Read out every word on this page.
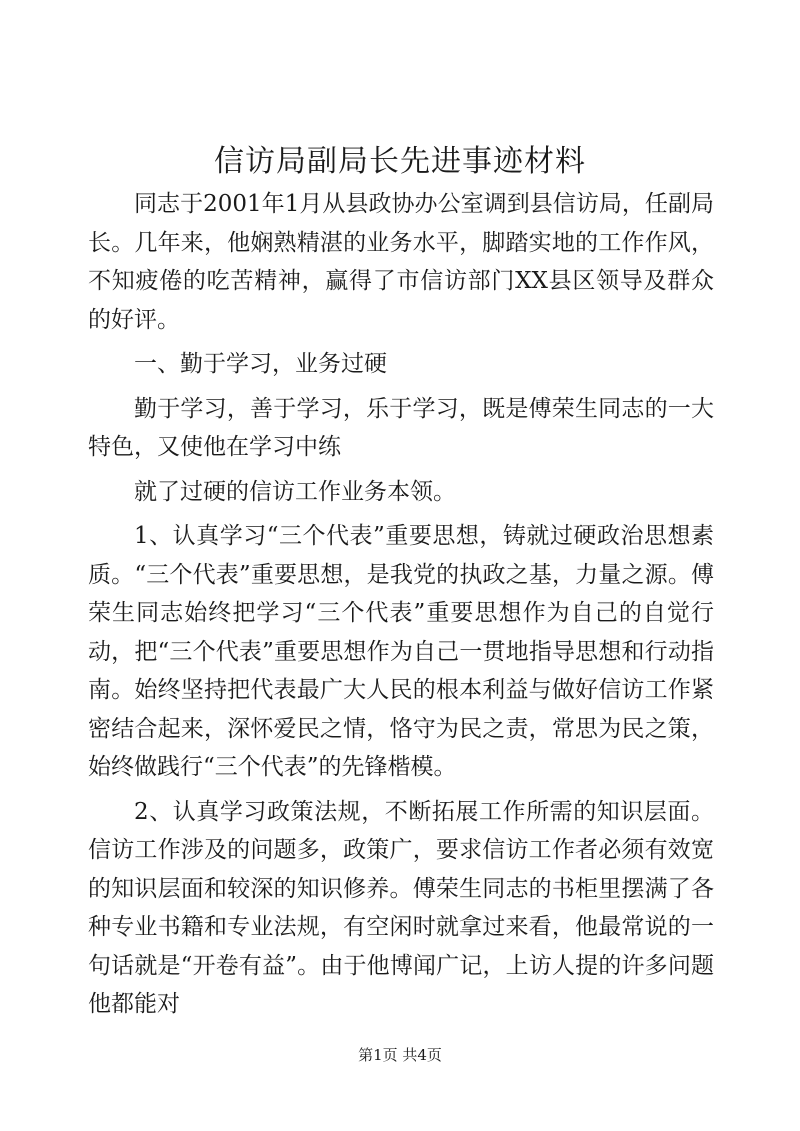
信访局副局长先进事迹材料

同志于2001年1月从县政协办公室调到县信访局，任副局长。几年来，他娴熟精湛的业务水平，脚踏实地的工作作风，不知疲倦的吃苦精神，赢得了市信访部门XX县区领导及群众的好评。

一、勤于学习，业务过硬

勤于学习，善于学习，乐于学习，既是傅荣生同志的一大特色，又使他在学习中练

就了过硬的信访工作业务本领。

1、认真学习“三个代表”重要思想，铸就过硬政治思想素质。“三个代表”重要思想，是我党的执政之基，力量之源。傅荣生同志始终把学习“三个代表”重要思想作为自己的自觉行动，把“三个代表”重要思想作为自己一贯地指导思想和行动指南。始终坚持把代表最广大人民的根本利益与做好信访工作紧密结合起来，深怀爱民之情，恪守为民之责，常思为民之策，始终做践行“三个代表”的先锋楷模。

2、认真学习政策法规，不断拓展工作所需的知识层面。信访工作涉及的问题多，政策广，要求信访工作者必须有效宽的知识层面和较深的知识修养。傅荣生同志的书柜里摆满了各种专业书籍和专业法规，有空闲时就拿过来看，他最常说的一句话就是“开卷有益”。由于他博闻广记，上访人提的许多问题他都能对

第1页 共4页
